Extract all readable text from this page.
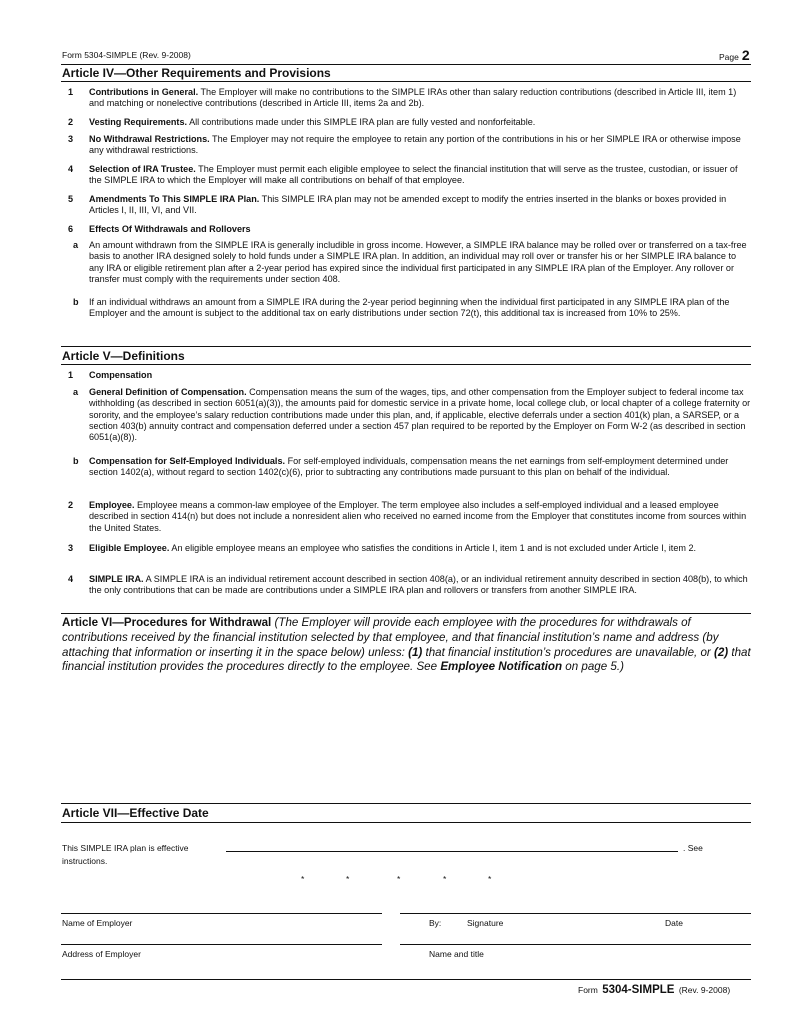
Form 5304-SIMPLE (Rev. 9-2008)	Page 2
Article IV—Other Requirements and Provisions
1 Contributions in General. The Employer will make no contributions to the SIMPLE IRAs other than salary reduction contributions (described in Article III, item 1) and matching or nonelective contributions (described in Article III, items 2a and 2b).
2 Vesting Requirements. All contributions made under this SIMPLE IRA plan are fully vested and nonforfeitable.
3 No Withdrawal Restrictions. The Employer may not require the employee to retain any portion of the contributions in his or her SIMPLE IRA or otherwise impose any withdrawal restrictions.
4 Selection of IRA Trustee. The Employer must permit each eligible employee to select the financial institution that will serve as the trustee, custodian, or issuer of the SIMPLE IRA to which the Employer will make all contributions on behalf of that employee.
5 Amendments To This SIMPLE IRA Plan. This SIMPLE IRA plan may not be amended except to modify the entries inserted in the blanks or boxes provided in Articles I, II, III, VI, and VII.
6 Effects Of Withdrawals and Rollovers
a An amount withdrawn from the SIMPLE IRA is generally includible in gross income. However, a SIMPLE IRA balance may be rolled over or transferred on a tax-free basis to another IRA designed solely to hold funds under a SIMPLE IRA plan. In addition, an individual may roll over or transfer his or her SIMPLE IRA balance to any IRA or eligible retirement plan after a 2-year period has expired since the individual first participated in any SIMPLE IRA plan of the Employer. Any rollover or transfer must comply with the requirements under section 408.
b If an individual withdraws an amount from a SIMPLE IRA during the 2-year period beginning when the individual first participated in any SIMPLE IRA plan of the Employer and the amount is subject to the additional tax on early distributions under section 72(t), this additional tax is increased from 10% to 25%.
Article V—Definitions
1 Compensation
a General Definition of Compensation. Compensation means the sum of the wages, tips, and other compensation from the Employer subject to federal income tax withholding (as described in section 6051(a)(3)), the amounts paid for domestic service in a private home, local college club, or local chapter of a college fraternity or sorority, and the employee’s salary reduction contributions made under this plan, and, if applicable, elective deferrals under a section 401(k) plan, a SARSEP, or a section 403(b) annuity contract and compensation deferred under a section 457 plan required to be reported by the Employer on Form W-2 (as described in section 6051(a)(8)).
b Compensation for Self-Employed Individuals. For self-employed individuals, compensation means the net earnings from self-employment determined under section 1402(a), without regard to section 1402(c)(6), prior to subtracting any contributions made pursuant to this plan on behalf of the individual.
2 Employee. Employee means a common-law employee of the Employer. The term employee also includes a self-employed individual and a leased employee described in section 414(n) but does not include a nonresident alien who received no earned income from the Employer that constitutes income from sources within the United States.
3 Eligible Employee. An eligible employee means an employee who satisfies the conditions in Article I, item 1 and is not excluded under Article I, item 2.
4 SIMPLE IRA. A SIMPLE IRA is an individual retirement account described in section 408(a), or an individual retirement annuity described in section 408(b), to which the only contributions that can be made are contributions under a SIMPLE IRA plan and rollovers or transfers from another SIMPLE IRA.
Article VI—Procedures for Withdrawal (The Employer will provide each employee with the procedures for withdrawals of contributions received by the financial institution selected by that employee, and that financial institution’s name and address (by attaching that information or inserting it in the space below) unless: (1) that financial institution’s procedures are unavailable, or (2) that financial institution provides the procedures directly to the employee. See Employee Notification on page 5.)
Article VII—Effective Date
This SIMPLE IRA plan is effective	. See
instructions.
*	*	*	*	*
Name of Employer	By:	Signature	Date
Address of Employer	Name and title
Form 5304-SIMPLE (Rev. 9-2008)
